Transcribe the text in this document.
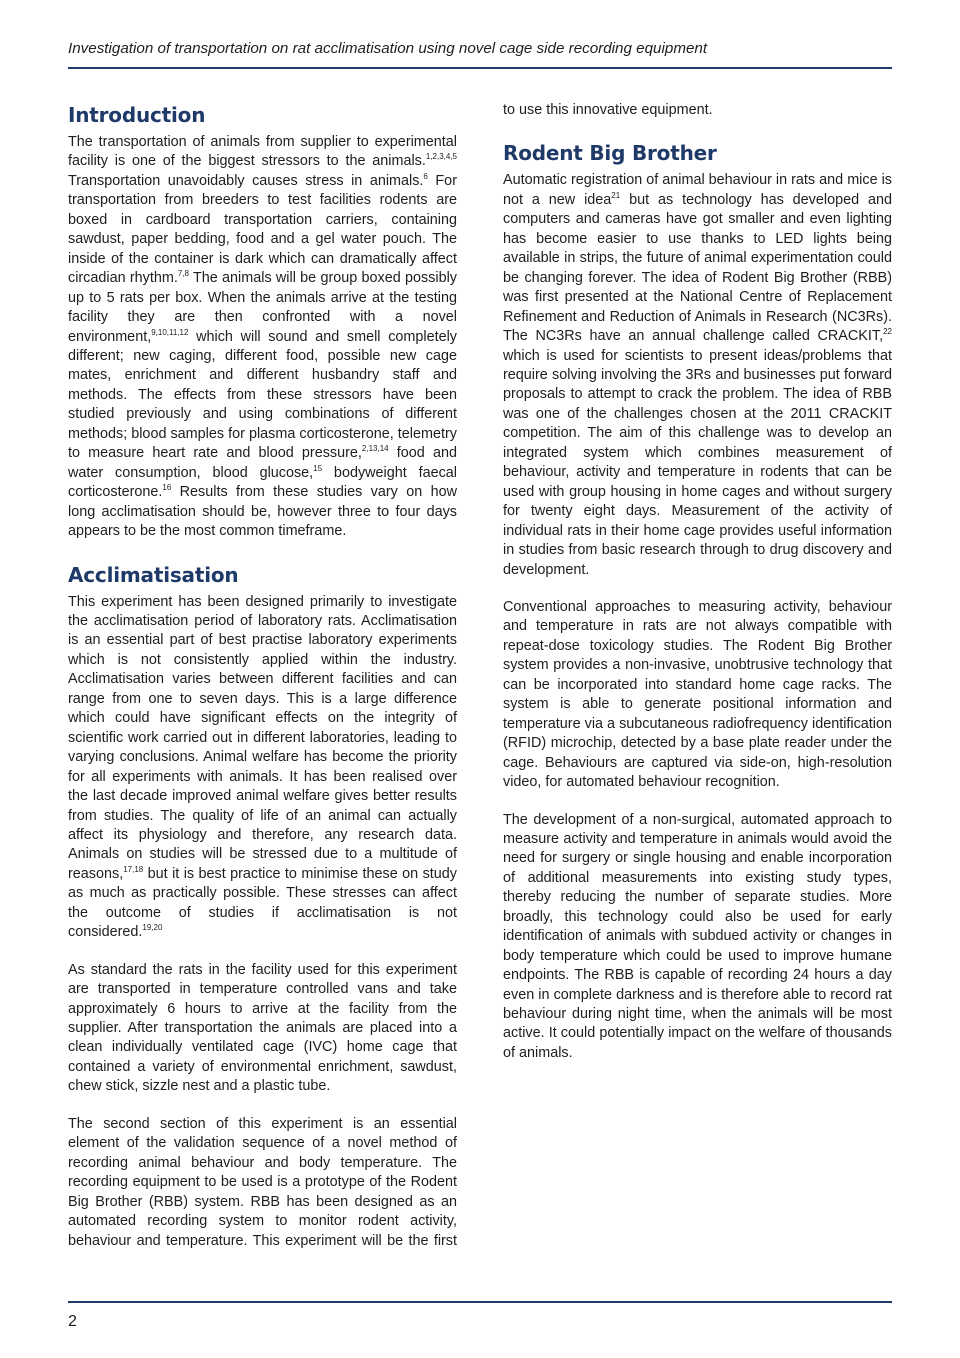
Investigation of transportation on rat acclimatisation using novel cage side recording equipment
Introduction

The transportation of animals from supplier to experimental facility is one of the biggest stressors to the animals.$^{1,2,3,4,5}$ Transportation unavoidably causes stress in animals.$^6$ For transportation from breeders to test facilities rodents are boxed in cardboard transportation carriers, containing sawdust, paper bedding, food and a gel water pouch. The inside of the container is dark which can dramatically affect circadian rhythm.$^{7,8}$ The animals will be group boxed possibly up to 5 rats per box. When the animals arrive at the testing facility they are then confronted with a novel environment,$^{9,10,11,12}$ which will sound and smell completely different; new caging, different food, possible new cage mates, enrichment and different husbandry staff and methods. The effects from these stressors have been studied previously and using combinations of different methods; blood samples for plasma corticosterone, telemetry to measure heart rate and blood pressure,$^{2,13,14}$ food and water consumption, blood glucose,$^{15}$ bodyweight faecal corticosterone.$^{16}$ Results from these studies vary on how long acclimatisation should be, however three to four days appears to be the most common timeframe.

Acclimatisation

This experiment has been designed primarily to investigate the acclimatisation period of laboratory rats. Acclimatisation is an essential part of best practise laboratory experiments which is not consistently applied within the industry. Acclimatisation varies between different facilities and can range from one to seven days. This is a large difference which could have significant effects on the integrity of scientific work carried out in different laboratories, leading to varying conclusions. Animal welfare has become the priority for all experiments with animals. It has been realised over the last decade improved animal welfare gives better results from studies. The quality of life of an animal can actually affect its physiology and therefore, any research data. Animals on studies will be stressed due to a multitude of reasons,$^{17,18}$ but it is best practice to minimise these on study as much as practically possible. These stresses can affect the outcome of studies if acclimatisation is not considered.$^{19,20}$

As standard the rats in the facility used for this experiment are transported in temperature controlled vans and take approximately 6 hours to arrive at the facility from the supplier. After transportation the animals are placed into a clean individually ventilated cage (IVC) home cage that contained a variety of environmental enrichment, sawdust, chew stick, sizzle nest and a plastic tube.

The second section of this experiment is an essential element of the validation sequence of a novel method of recording animal behaviour and body temperature. The recording equipment to be used is a prototype of the Rodent Big Brother (RBB) system. RBB has been designed as an automated recording system to monitor rodent activity, behaviour and temperature. This experiment will be the first

to use this innovative equipment.

Rodent Big Brother

Automatic registration of animal behaviour in rats and mice is not a new idea$^{21}$ but as technology has developed and computers and cameras have got smaller and even lighting has become easier to use thanks to LED lights being available in strips, the future of animal experimentation could be changing forever. The idea of Rodent Big Brother (RBB) was first presented at the National Centre of Replacement Refinement and Reduction of Animals in Research (NC3Rs). The NC3Rs have an annual challenge called CRACKIT,$^{22}$ which is used for scientists to present ideas/problems that require solving involving the 3Rs and businesses put forward proposals to attempt to crack the problem. The idea of RBB was one of the challenges chosen at the 2011 CRACKIT competition. The aim of this challenge was to develop an integrated system which combines measurement of behaviour, activity and temperature in rodents that can be used with group housing in home cages and without surgery for twenty eight days. Measurement of the activity of individual rats in their home cage provides useful information in studies from basic research through to drug discovery and development.

Conventional approaches to measuring activity, behaviour and temperature in rats are not always compatible with repeat-dose toxicology studies. The Rodent Big Brother system provides a non-invasive, unobtrusive technology that can be incorporated into standard home cage racks. The system is able to generate positional information and temperature via a subcutaneous radiofrequency identification (RFID) microchip, detected by a base plate reader under the cage. Behaviours are captured via side-on, high-resolution video, for automated behaviour recognition.

The development of a non-surgical, automated approach to measure activity and temperature in animals would avoid the need for surgery or single housing and enable incorporation of additional measurements into existing study types, thereby reducing the number of separate studies. More broadly, this technology could also be used for early identification of animals with subdued activity or changes in body temperature which could be used to improve humane endpoints. The RBB is capable of recording 24 hours a day even in complete darkness and is therefore able to record rat behaviour during night time, when the animals will be most active. It could potentially impact on the welfare of thousands of animals.

2
